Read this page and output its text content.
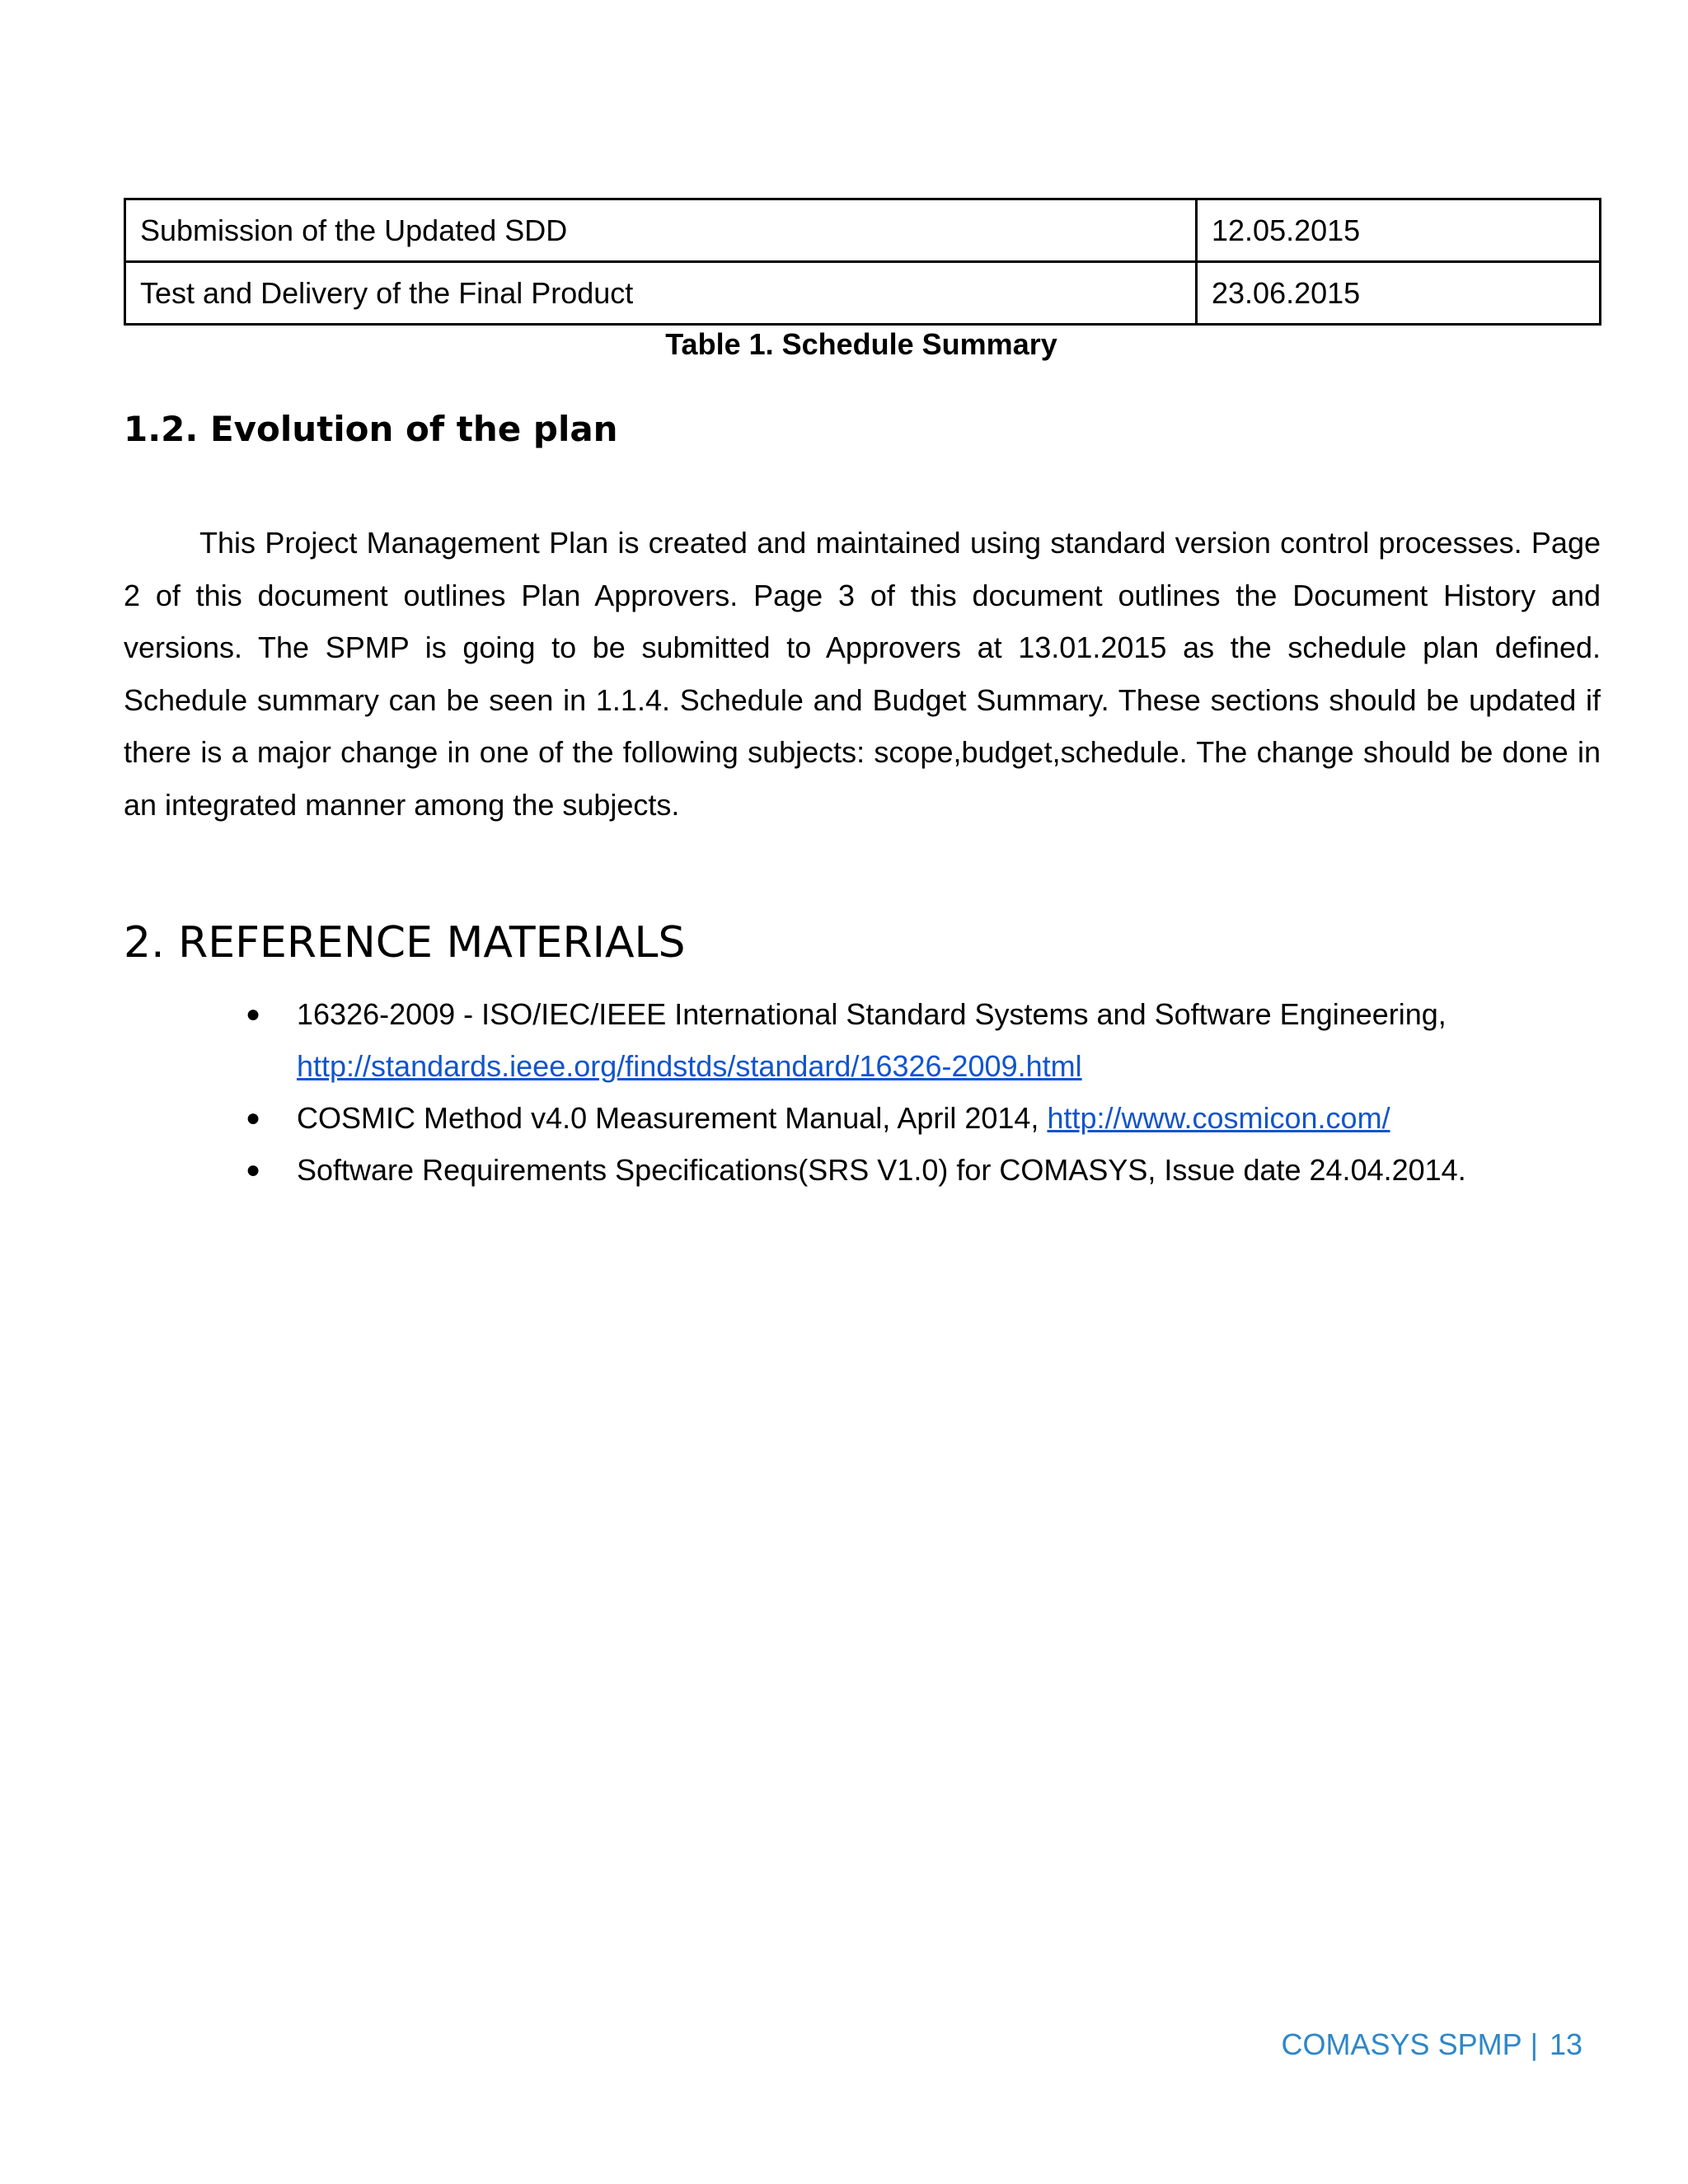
Submission of the Updated SDD	12.05.2015
Test and Delivery of the Final Product	23.06.2015
Table 1. Schedule Summary
1.2. Evolution of the plan

This Project Management Plan is created and maintained using standard version control processes. Page 2 of this document outlines Plan Approvers. Page 3 of this document outlines the Document History and versions. The SPMP is going to be submitted to Approvers at 13.01.2015 as the schedule plan defined. Schedule summary can be seen in 1.1.4. Schedule and Budget Summary. These sections should be updated if there is a major change in one of the following subjects: scope,budget,schedule. The change should be done in an integrated manner among the subjects.

2. REFERENCE MATERIALS
● 16326-2009 - ISO/IEC/IEEE International Standard Systems and Software Engineering,
http://standards.ieee.org/findstds/standard/16326-2009.html
● COSMIC Method v4.0 Measurement Manual, April 2014, http://www.cosmicon.com/
● Software Requirements Specifications(SRS V1.0) for COMASYS, Issue date 24.04.2014.
COMASYS SPMP | 13
